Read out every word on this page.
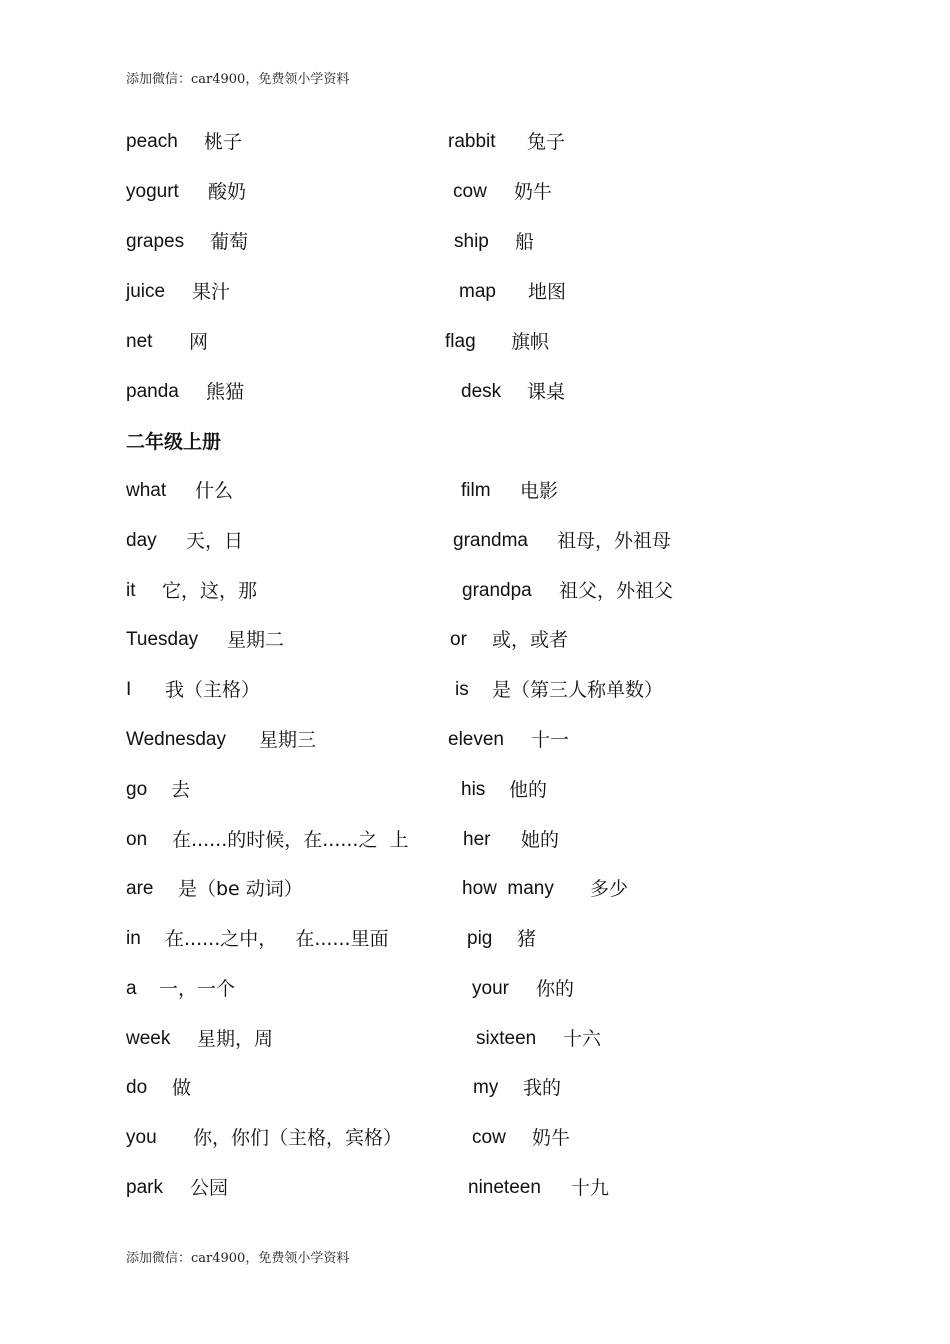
添加微信：car4900，免费领小学资料
peach 桃子	rabbit 兔子
yogurt 酸奶	cow 奶牛
grapes 葡萄	ship 船
juice 果汁	map 地图
net 网	flag 旗帜
panda 熊猫	desk 课桌
二年级上册
what 什么	film 电影
day 天，日	grandma 祖母，外祖母
it 它，这，那	grandpa 祖父，外祖父
Tuesday 星期二	or 或，或者
I 我（主格）	is 是（第三人称单数）
Wednesday 星期三	eleven 十一
go 去	his 他的
on 在......的时候，在......之  上	her 她的
are 是（be 动词）	how  many 多少
in 在......之中，   在......里面	pig 猪
a 一，一个	your 你的
week 星期，周	sixteen 十六
do 做	my 我的
you 你，你们（主格，宾格）	cow 奶牛
park 公园	nineteen 十九
添加微信：car4900，免费领小学资料
